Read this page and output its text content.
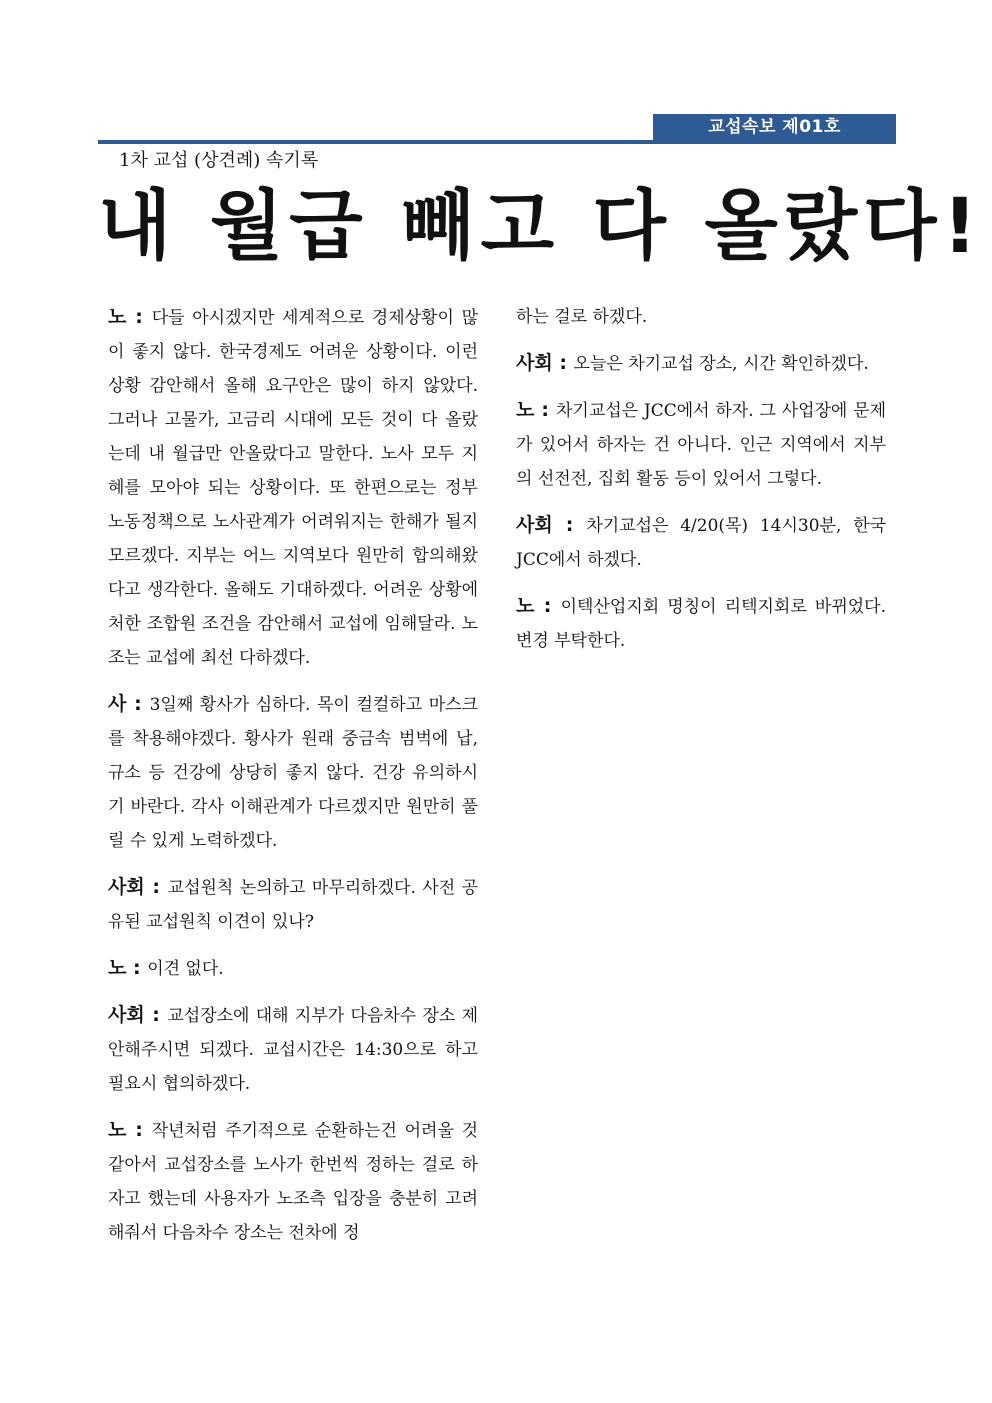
교섭속보 제01호
1차 교섭 (상견례) 속기록
내 월급 빼고 다 올랐다!

노 : 다들 아시겠지만 세계적으로 경제상황이 많이 좋지 않다. 한국경제도 어려운 상황이다. 이런 상황 감안해서 올해 요구안은 많이 하지 않았다. 그러나 고물가, 고금리 시대에 모든 것이 다 올랐는데 내 월급만 안올랐다고 말한다. 노사 모두 지혜를 모아야 되는 상황이다. 또 한편으로는 정부 노동정책으로 노사관계가 어려워지는 한해가 될지 모르겠다. 지부는 어느 지역보다 원만히 합의해왔다고 생각한다. 올해도 기대하겠다. 어려운 상황에 처한 조합원 조건을 감안해서 교섭에 임해달라. 노조는 교섭에 최선 다하겠다.

사 : 3일째 황사가 심하다. 목이 컬컬하고 마스크를 착용해야겠다. 황사가 원래 중금속 범벅에 납, 규소 등 건강에 상당히 좋지 않다. 건강 유의하시기 바란다. 각사 이해관계가 다르겠지만 원만히 풀릴 수 있게 노력하겠다.

사회 : 교섭원칙 논의하고 마무리하겠다. 사전 공유된 교섭원칙 이견이 있나?

노 : 이견 없다.

사회 : 교섭장소에 대해 지부가 다음차수 장소 제안해주시면 되겠다. 교섭시간은 14:30으로 하고 필요시 협의하겠다.

노 : 작년처럼 주기적으로 순환하는건 어려울 것 같아서 교섭장소를 노사가 한번씩 정하는 걸로 하자고 했는데 사용자가 노조측 입장을 충분히 고려해줘서 다음차수 장소는 전차에 정

하는 걸로 하겠다.

사회 : 오늘은 차기교섭 장소, 시간 확인하겠다.

노 : 차기교섭은 JCC에서 하자. 그 사업장에 문제가 있어서 하자는 건 아니다. 인근 지역에서 지부의 선전전, 집회 활동 등이 있어서 그렇다.

사회 : 차기교섭은 4/20(목) 14시30분, 한국 JCC에서 하겠다.

노 : 이텍산업지회 명칭이 리텍지회로 바뀌었다. 변경 부탁한다.
